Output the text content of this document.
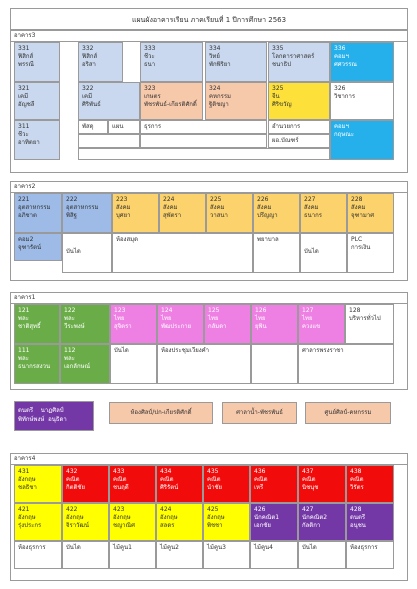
แผนผังอาคารเรียน ภาคเรียนที่ 1 ปีการศึกษา 2563
อาคาร3
331
ฟิสิกส์
พรรณี
332
ฟิสิกส์
อริสา
333
ชีวะ
ธนา
334
วิทย์
พักพิริยา
335
โลกดาราศาสตร์
ชนาธิป
336
คอมฯ
ศศวรรณ
321
เคมี
อัญชลี
322
เคมี
ศิริพันธ์
323
เกษตร
พัชรพันธ์-เกียรติศักดิ์
324
คหกรรม
ฐิติชญา
325
จีน
ศิริขวัญ
326
วิชาการ
311
ชีวะ
อาทิตยา
พัสดุ	แผน	ธุรการ	อำนวยการ
ผอ.บัณฑร์
คอมฯ
กฤษณะ
อาคาร2
221
อุตสาหกรรม
อภิชาต
222
อุตสาหกรรม
พิสิฐ
223
สังคม
บุศยา
224
สังคม
สุพัตรา
225
สังคม
วาสนา
226
สังคม
ปรีญญา
227
สังคม
ธนากร
228
สังคม
จุฑามาศ
คอม2
จุฑารัตน์
บันได
ห้องสมุด	พยาบาล
บันได
PLC
การเงิน
อาคาร1
121
พละ
ชาติสุทธิ์
122
พละ
วีระพงษ์
123
ไทย
สุจิตรา
124
ไทย
พัฒประกาย
125
ไทย
กลัมดา
126
ไทย
ยุพิน
127
ไทย
ควงแข
128
บริหารทั่วไป
111
พละ
ธนากรสงวน
112
พละ
เอกลักษณ์
บันได	ห้องประชุมเวียงคำ	ศาลารพรงราชา
ดนตรี นาฏศิลป์
พิทักษ์พงษ์ อนุธิดา
ห้องศิลป์/ปก-เกียรติศักดิ์	ศาลาน้ำ-พัชรพันธ์	ศูนย์ศิลป์-คหกรรม
อาคาร4
431
อังกฤษ
ชลธิชา
432
คณิต
กิตติชัย
433
คณิต
ชนฤดี
434
คณิต
ศิริรัตน์
435
คณิต
นำชัย
436
คณิต
เหรี
437
คณิต
นิชนุช
438
คณิต
วิรัตร
421
อังกฤษ
รุ่งประกร
422
อังกฤษ
จิราวัฒน์
423
อังกฤษ
ชญาณิศ
424
อังกฤษ
สลดร
425
อังกฤษ
พิชชา
426
นักคณิต1
เอกชัย
427
นักคณิต2
กัลติกา
428
ดนตรี
อนุชน
ห้องธุรการ	บันได	ไม้คูน1	ไม้คูน2	ไม้คูน3	ไม้คูน4	บันได	ห้องธุรการ
